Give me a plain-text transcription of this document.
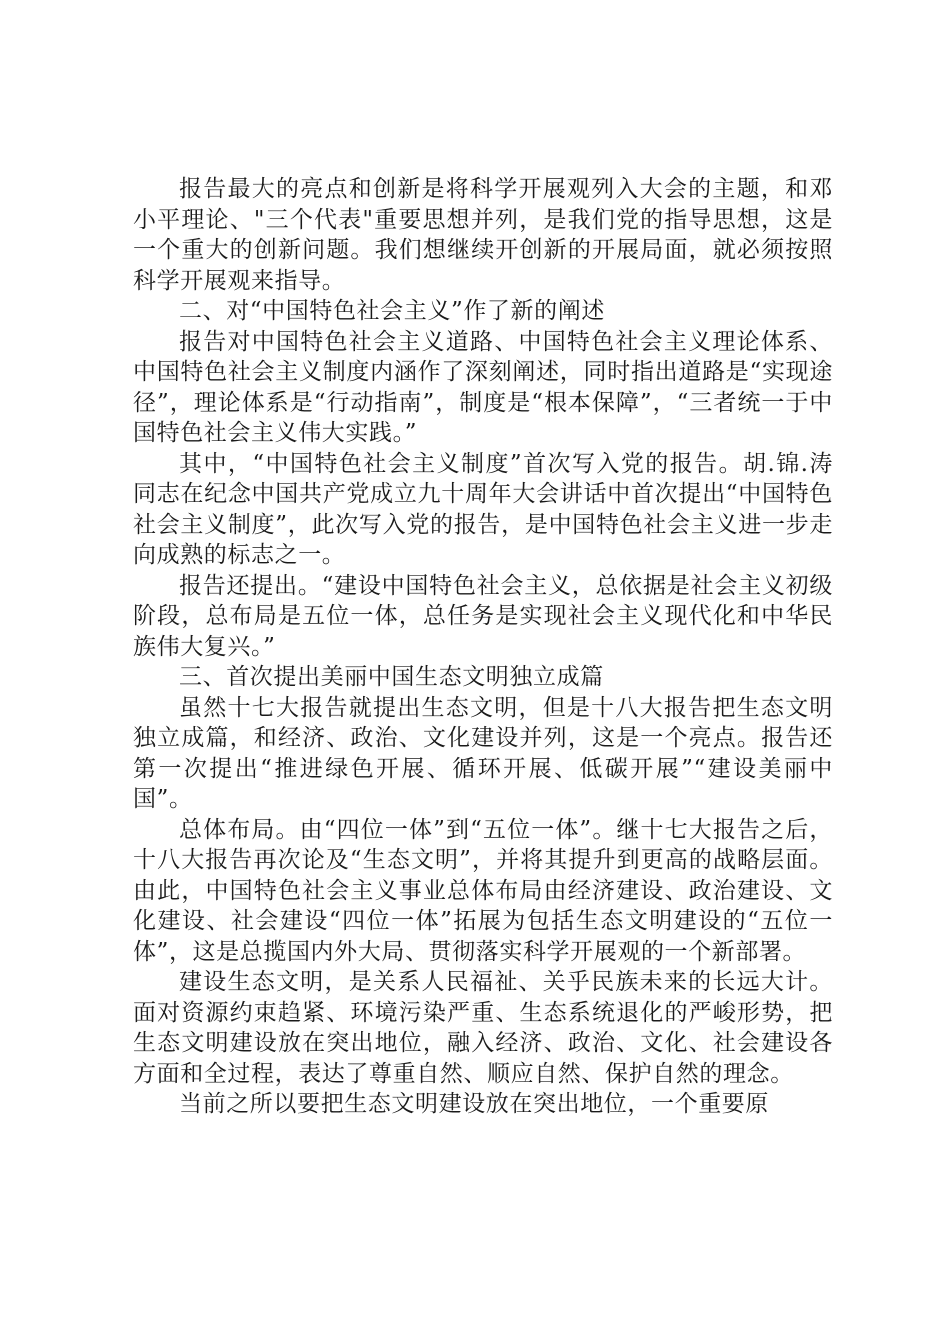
报告最大的亮点和创新是将科学开展观列入大会的主题，和邓小平理论、"三个代表"重要思想并列，是我们党的指导思想，这是一个重大的创新问题。我们想继续开创新的开展局面，就必须按照科学开展观来指导。

二、对“中国特色社会主义”作了新的阐述

报告对中国特色社会主义道路、中国特色社会主义理论体系、中国特色社会主义制度内涵作了深刻阐述，同时指出道路是“实现途径”，理论体系是“行动指南”，制度是“根本保障”，“三者统一于中国特色社会主义伟大实践。”

其中，“中国特色社会主义制度”首次写入党的报告。胡.锦.涛同志在纪念中国共产党成立九十周年大会讲话中首次提出“中国特色社会主义制度”，此次写入党的报告，是中国特色社会主义进一步走向成熟的标志之一。

报告还提出。“建设中国特色社会主义，总依据是社会主义初级阶段，总布局是五位一体，总任务是实现社会主义现代化和中华民族伟大复兴。”

三、首次提出美丽中国生态文明独立成篇

虽然十七大报告就提出生态文明，但是十八大报告把生态文明独立成篇，和经济、政治、文化建设并列，这是一个亮点。报告还第一次提出“推进绿色开展、循环开展、低碳开展”“建设美丽中国”。

总体布局。由“四位一体”到“五位一体”。继十七大报告之后，十八大报告再次论及“生态文明”，并将其提升到更高的战略层面。由此，中国特色社会主义事业总体布局由经济建设、政治建设、文化建设、社会建设“四位一体”拓展为包括生态文明建设的“五位一体”，这是总揽国内外大局、贯彻落实科学开展观的一个新部署。

建设生态文明，是关系人民福祉、关乎民族未来的长远大计。面对资源约束趋紧、环境污染严重、生态系统退化的严峻形势，把生态文明建设放在突出地位，融入经济、政治、文化、社会建设各方面和全过程，表达了尊重自然、顺应自然、保护自然的理念。

当前之所以要把生态文明建设放在突出地位，一个重要原
